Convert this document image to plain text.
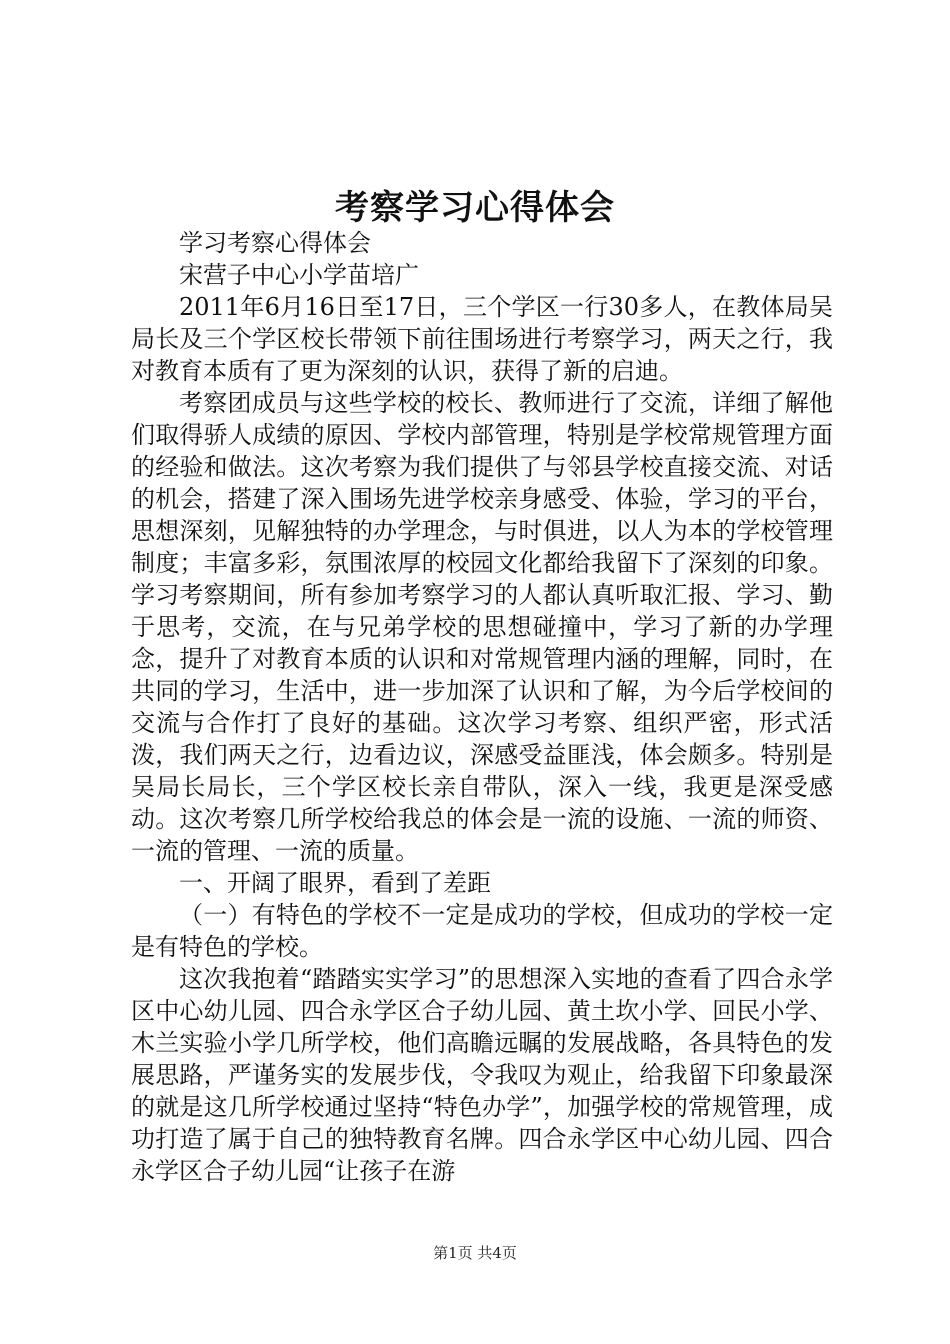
考察学习心得体会

学习考察心得体会

宋营子中心小学苗培广

2011年6月16日至17日，三个学区一行30多人，在教体局吴局长及三个学区校长带领下前往围场进行考察学习，两天之行，我对教育本质有了更为深刻的认识，获得了新的启迪。

考察团成员与这些学校的校长、教师进行了交流，详细了解他们取得骄人成绩的原因、学校内部管理，特别是学校常规管理方面的经验和做法。这次考察为我们提供了与邻县学校直接交流、对话的机会，搭建了深入围场先进学校亲身感受、体验，学习的平台，思想深刻，见解独特的办学理念，与时俱进，以人为本的学校管理制度；丰富多彩，氛围浓厚的校园文化都给我留下了深刻的印象。学习考察期间，所有参加考察学习的人都认真听取汇报、学习、勤于思考，交流，在与兄弟学校的思想碰撞中，学习了新的办学理念，提升了对教育本质的认识和对常规管理内涵的理解，同时，在共同的学习，生活中，进一步加深了认识和了解，为今后学校间的交流与合作打了良好的基础。这次学习考察、组织严密，形式活泼，我们两天之行，边看边议，深感受益匪浅，体会颇多。特别是吴局长局长，三个学区校长亲自带队，深入一线，我更是深受感动。这次考察几所学校给我总的体会是一流的设施、一流的师资、一流的管理、一流的质量。

一、开阔了眼界，看到了差距

（一）有特色的学校不一定是成功的学校，但成功的学校一定是有特色的学校。

这次我抱着“踏踏实实学习”的思想深入实地的查看了四合永学区中心幼儿园、四合永学区合子幼儿园、黄土坎小学、回民小学、木兰实验小学几所学校，他们高瞻远瞩的发展战略，各具特色的发展思路，严谨务实的发展步伐，令我叹为观止，给我留下印象最深的就是这几所学校通过坚持“特色办学”，加强学校的常规管理，成功打造了属于自己的独特教育名牌。四合永学区中心幼儿园、四合永学区合子幼儿园“让孩子在游

第1页 共4页
